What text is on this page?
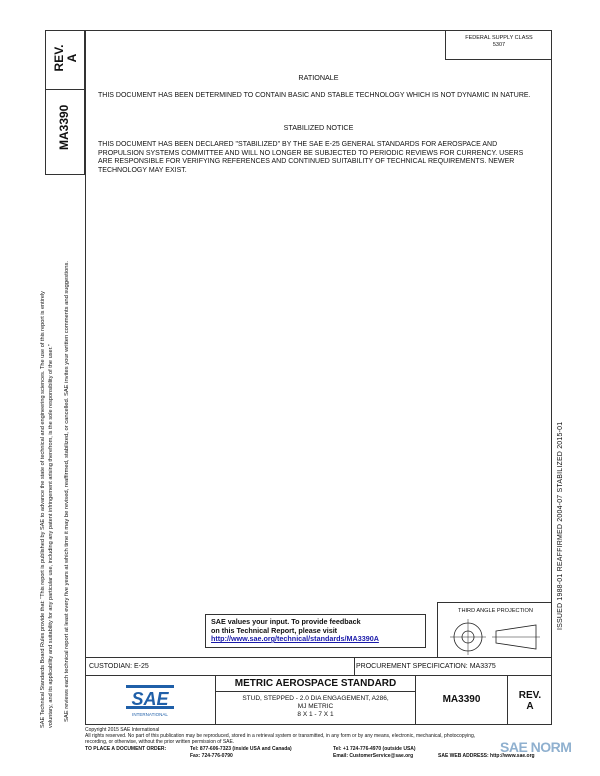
REV. A
MA3390
SAE Technical Standards Board Rules provide that: “This report is published by SAE to advance the state of technical and engineering sciences. The use of this report is entirely voluntary, and its applicability and suitability for any particular use, including any patent infringement arising therefrom, is the sole responsibility of the user.” SAE reviews each technical report at least every five years at which time it may be revised, reaffirmed, stabilized, or cancelled. SAE invites your written comments and suggestions.
FEDERAL SUPPLY CLASS
5307
RATIONALE
THIS DOCUMENT HAS BEEN DETERMINED TO CONTAIN BASIC AND STABLE TECHNOLOGY WHICH IS NOT DYNAMIC IN NATURE.
STABILIZED NOTICE
THIS DOCUMENT HAS BEEN DECLARED "STABILIZED" BY THE SAE E-25 GENERAL STANDARDS FOR AEROSPACE AND PROPULSION SYSTEMS COMMITTEE AND WILL NO LONGER BE SUBJECTED TO PERIODIC REVIEWS FOR CURRENCY. USERS ARE RESPONSIBLE FOR VERIFYING REFERENCES AND CONTINUED SUITABILITY OF TECHNICAL REQUIREMENTS. NEWER TECHNOLOGY MAY EXIST.
ISSUED 1988-01 REAFFIRMED 2004-07 STABILIZED 2015-01
SAE values your input. To provide feedback
on this Technical Report, please visit
http://www.sae.org/technical/standards/MA3390A
THIRD ANGLE PROJECTION
CUSTODIAN: E-25	PROCUREMENT SPECIFICATION: MA3375
SAE
INTERNATIONAL
METRIC AEROSPACE STANDARD
STUD, STEPPED - 2.0 DIA ENGAGEMENT, A286,
MJ METRIC
8 X 1 - 7 X 1
MA3390	REV.
A
Copyright 2015 SAE International
All rights reserved. No part of this publication may be reproduced, stored in a retrieval system or transmitted, in any form or by any means, electronic, mechanical, photocopying,
recording, or otherwise, without the prior written permission of SAE.
TO PLACE A DOCUMENT ORDER:	Tel: 877-606-7323 (inside USA and Canada)	Tel: +1 724-776-4970 (outside USA)
Fax: 724-776-0790	Email: CustomerService@sae.org	SAE WEB ADDRESS: http://www.sae.org
SAE NORM
